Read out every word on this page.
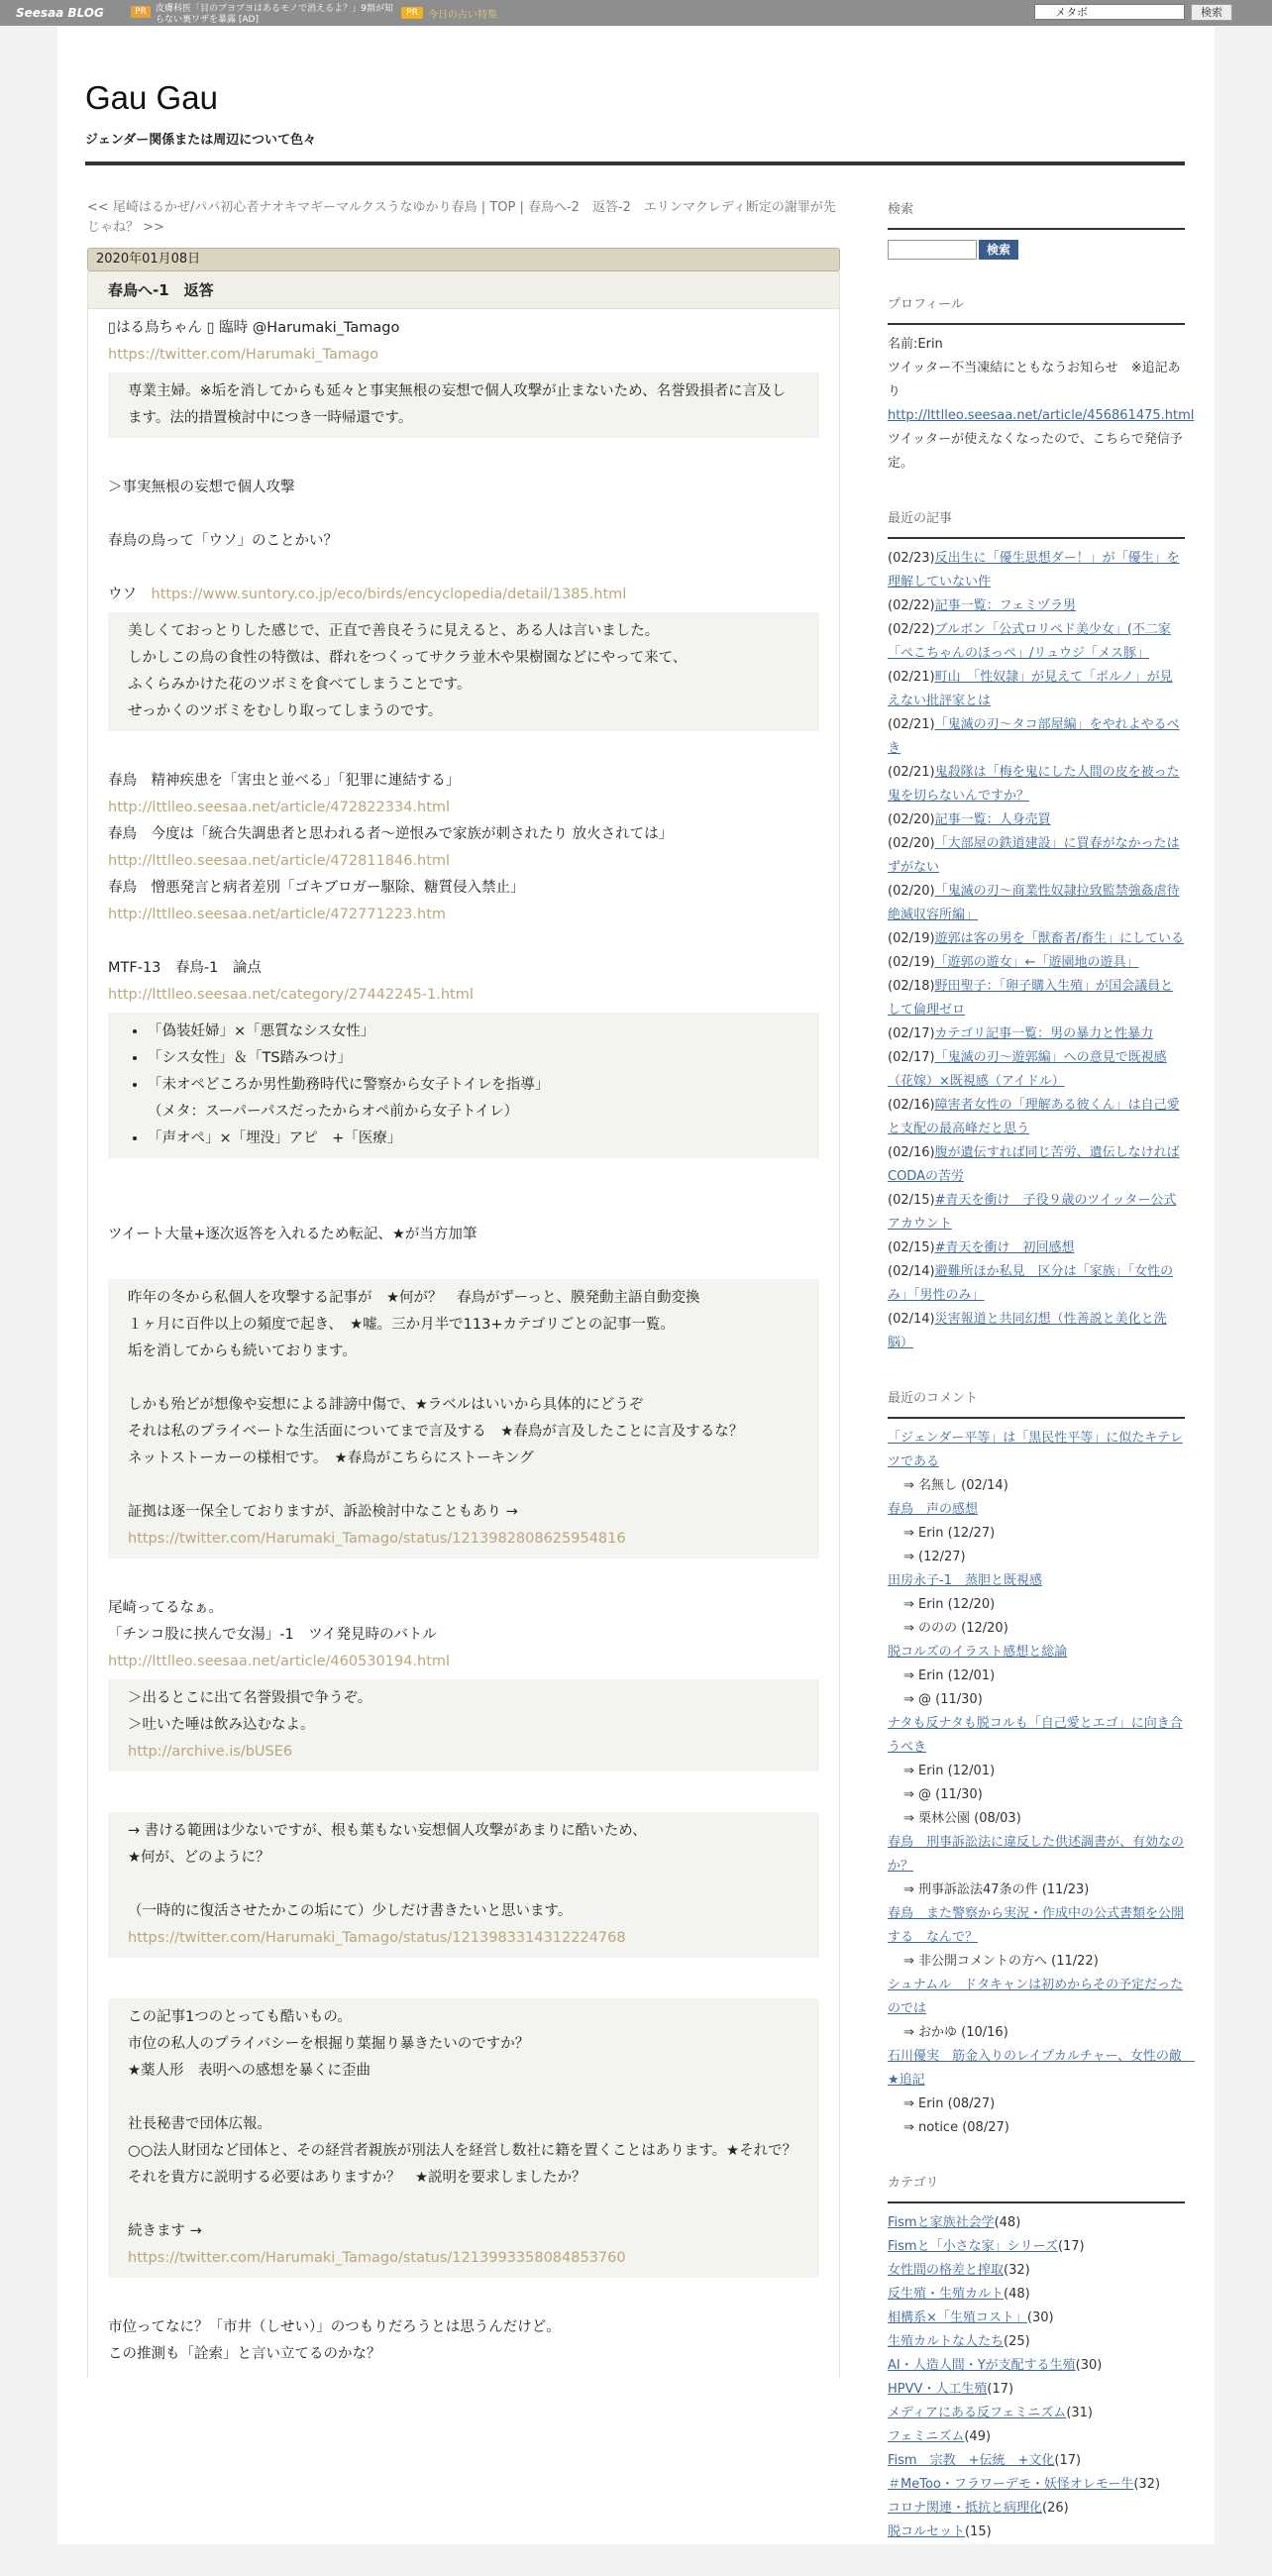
Seesaa BLOG	PR	皮膚科医「目のブヨブヨはあるモノで消えるよ？」9割が知らない裏ワザを暴露 [AD]
PR	今日の占い特集	メタボ	検索
Gau Gau
ジェンダー関係または周辺について色々
<< 尾崎はるかぜ/パパ初心者ナオキマギーマルクスうなゆかり春鳥 | TOP | 春鳥へ-2　返答-2　エリンマクレディ断定の謝罪が先じゃね？ >>
2020年01月08日
春鳥へ-1　返答
▯はる鳥ちゃん ▯ 臨時 @Harumaki_Tamago
https://twitter.com/Harumaki_Tamago
専業主婦。※垢を消してからも延々と事実無根の妄想で個人攻撃が止まないため、名誉毀損者に言及します。法的措置検討中につき一時帰還です。

＞事実無根の妄想で個人攻撃

春鳥の鳥って「ウソ」のことかい？

ウソ　https://www.suntory.co.jp/eco/birds/encyclopedia/detail/1385.html
美しくておっとりした感じで、正直で善良そうに見えると、ある人は言いました。
しかしこの鳥の食性の特徴は、群れをつくってサクラ並木や果樹園などにやって来て、
ふくらみかけた花のツボミを食べてしまうことです。
せっかくのツボミをむしり取ってしまうのです。

春鳥　精神疾患を「害虫と並べる」「犯罪に連結する」
http://lttlleo.seesaa.net/article/472822334.html
春鳥　今度は「統合失調患者と思われる者～逆恨みで家族が刺されたり 放火されては」
http://lttlleo.seesaa.net/article/472811846.html
春鳥　憎悪発言と病者差別「ゴキブロガー駆除、糖質侵入禁止」
http://lttlleo.seesaa.net/article/472771223.htm

MTF-13　春鳥-1　論点
http://lttlleo.seesaa.net/category/27442245-1.html
• 「偽装妊婦」×「悪質なシス女性」
• 「シス女性」＆「TS踏みつけ」
• 「未オペどころか男性勤務時代に警察から女子トイレを指導」
（メタ：スーパーパスだったからオペ前から女子トイレ）
• 「声オペ」×「埋没」アピ　+「医療」

ツイート大量+逐次返答を入れるため転記、★が当方加筆

昨年の冬から私個人を攻撃する記事が　★何が？　春鳥がずーっと、膜発動主語自動変換
１ヶ月に百件以上の頻度で起き、　★嘘。三か月半で113+カテゴリごとの記事一覧。
垢を消してからも続いております。

しかも殆どが想像や妄想による誹謗中傷で、★ラベルはいいから具体的にどうぞ
それは私のプライベートな生活面についてまで言及する　★春鳥が言及したことに言及するな？
ネットストーカーの様相です。　★春鳥がこちらにストーキング

証拠は逐一保全しておりますが、訴訟検討中なこともあり →
https://twitter.com/Harumaki_Tamago/status/1213982808625954816

尾崎ってるなぁ。
「チンコ股に挟んで女湯」-1　ツイ発見時のバトル
http://lttlleo.seesaa.net/article/460530194.html
＞出るとこに出て名誉毀損で争うぞ。
＞吐いた唾は飲み込むなよ。
http://archive.is/bUSE6

→ 書ける範囲は少ないですが、根も葉もない妄想個人攻撃があまりに酷いため、
★何が、どのように？

（一時的に復活させたかこの垢にて）少しだけ書きたいと思います。
https://twitter.com/Harumaki_Tamago/status/1213983314312224768

この記事1つのとっても酷いもの。
市位の私人のプライバシーを根掘り葉掘り暴きたいのですか？
★薬人形　表明への感想を暴くに歪曲

社長秘書で団体広報。
○○法人財団など団体と、その経営者親族が別法人を経営し数社に籍を置くことはあります。★それで？
それを貴方に説明する必要はありますか？　★説明を要求しましたか？

続きます →
https://twitter.com/Harumaki_Tamago/status/1213993358084853760

市位ってなに？「市井（しせい）」のつもりだろうとは思うんだけど。
この推測も「詮索」と言い立てるのかな？
検索
検索
プロフィール
名前:Erin
ツイッター不当凍結にともなうお知らせ　※追記あり
http://lttlleo.seesaa.net/article/456861475.html
ツイッターが使えなくなったので、こちらで発信予定。
最近の記事
(02/23)反出生に「優生思想ダー！」が「優生」を理解していない件
(02/22)記事一覧：フェミヅラ男
(02/22)ブルボン「公式ロリペド美少女」(不二家「ぺこちゃんのほっぺ」/リュウジ「メス豚」
(02/21)町山　「性奴隷」が見えて「ポルノ」が見えない批評家とは
(02/21)「鬼滅の刃～タコ部屋編」をやれよやるべき
(02/21)鬼殺隊は「梅を鬼にした人間の皮を被った鬼を切らないんですか？
(02/20)記事一覧：人身売買
(02/20)「大部屋の鉄道建設」に買春がなかったはずがない
(02/20)「鬼滅の刃～商業性奴隷拉致監禁強姦虐待絶滅収容所編」
(02/19)遊郭は客の男を「獣畜者/畜生」にしている
(02/19)「遊郭の遊女」←「遊園地の遊具」
(02/18)野田聖子：「卵子購入生殖」が国会議員として倫理ゼロ
(02/17)カテゴリ記事一覧：男の暴力と性暴力
(02/17)「鬼滅の刃～遊郭編」への意見で既視感（花嫁）×既視感（アイドル）
(02/16)障害者女性の「理解ある彼くん」は自己愛と支配の最高峰だと思う
(02/16)腹が遺伝すれば同じ苦労、遺伝しなければCODAの苦労
(02/15)#青天を衝け　子役９歳のツイッター公式アカウント
(02/15)#青天を衝け　初回感想
(02/14)避難所ほか私見　区分は「家族」「女性のみ」「男性のみ」
(02/14)災害報道と共同幻想（性善説と美化と洗脳）
最近のコメント
「ジェンダー平等」は「黒民性平等」に似たキテレツである
⇒ 名無し (02/14)
春鳥　声の感想
⇒ Erin (12/27)
⇒ (12/27)
田房永子-1　蒸胆と既視感
⇒ Erin (12/20)
⇒ ののの (12/20)
脱コルズのイラスト感想と総論
⇒ Erin (12/01)
⇒ @ (11/30)
ナタも反ナタも脱コルも「自己愛とエゴ」に向き合うべき
⇒ Erin (12/01)
⇒ @ (11/30)
⇒ 栗林公園 (08/03)
春鳥　刑事訴訟法に違反した供述調書が、有効なのか？
⇒ 刑事訴訟法47条の件 (11/23)
春鳥　また警察から実況・作成中の公式書類を公開する　なんで？
⇒ 非公開コメントの方へ (11/22)
シュナムル　ドタキャンは初めからその予定だったのでは
⇒ おかゆ (10/16)
石川優実　筋金入りのレイプカルチャー、女性の敵　★追記
⇒ Erin (08/27)
⇒ notice (08/27)
カテゴリ
Fismと家族社会学(48)
Fismと「小さな家」シリーズ(17)
女性間の格差と搾取(32)
反生殖・生殖カルト(48)
相構系×「生殖コスト」(30)
生殖カルトな人たち(25)
AI・人造人間・Yが支配する生殖(30)
HPVV・人工生殖(17)
メディアにある反フェミニズム(31)
フェミニズム(49)
Fism　宗教　+伝統　+文化(17)
＃MeToo・フラワーデモ・妖怪オレモー牛(32)
コロナ関連・抵抗と病理化(26)
脱コルセット(15)
